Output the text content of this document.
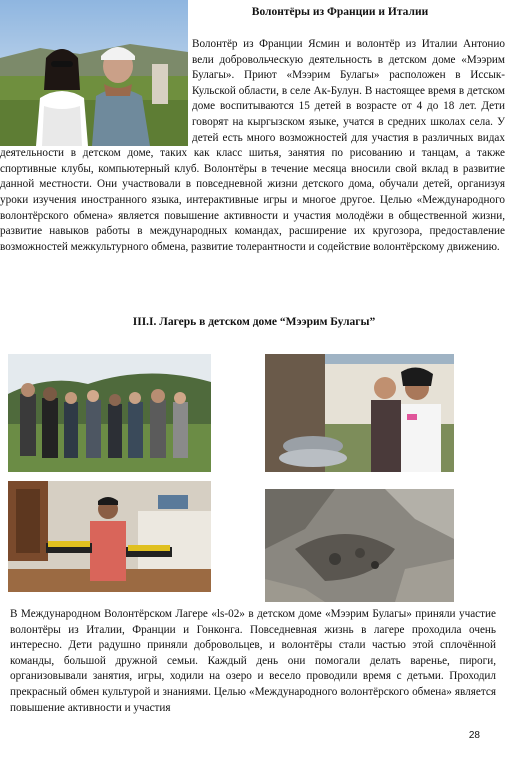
Волонтёры из Франции и Италии
Волонтёр из Франции Ясмин и волонтёр из Италии Антонио вели добровольческую деятельность в детском доме «Мээрим Булагы». Приют «Мээрим Булагы» расположен в Иссык-Кульской области, в селе Ак-Булун. В настоящее время в детском доме воспитываются 15 детей в возрасте от 4 до 18 лет. Дети говорят на кыргызском языке, учатся в средних школах села. У детей есть много возможностей для участия в различных видах деятельности в детском доме, таких как класс шитья, занятия по рисованию и танцам, а также спортивные клубы, компьютерный клуб. Волонтёры в течение месяца вносили свой вклад в развитие данной местности. Они участвовали в повседневной жизни детского дома, обучали детей, организуя уроки изучения иностранного языка, интерактивные игры и многое другое. Целью «Международного волонтёрского обмена» является повышение активности и участия молодёжи в общественной жизни, развитие навыков работы в международных командах, расширение их кругозора, предоставление возможностей межкультурного обмена, развитие толерантности и содействие волонтёрскому движению.
III.I. Лагерь в детском доме “Мээрим Булагы”

В Международном Волонтёрском Лагере «ls-02» в детском доме «Мээрим Булагы» приняли участие волонтёры из Италии, Франции и Гонконга. Повседневная жизнь в лагере проходила очень интересно. Дети радушно приняли добровольцев, и волонтёры стали частью этой сплочённой команды, большой дружной семьи. Каждый день они помогали делать варенье, пироги, организовывали занятия, игры, ходили на озеро и весело проводили время с детьми. Проходил прекрасный обмен культурой и знаниями. Целью «Международного волонтёрского обмена» является повышение активности и участия

28
